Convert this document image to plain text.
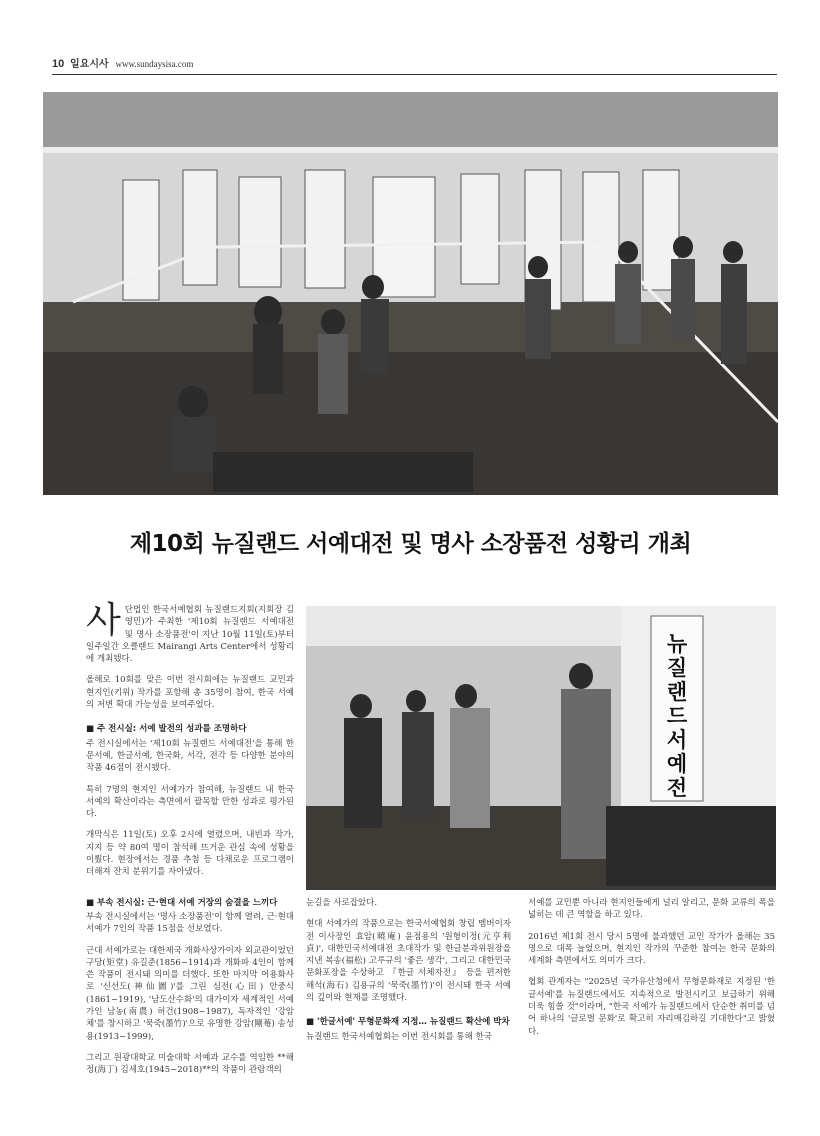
10 일요시사 www.sundaysisa.com
제10회 뉴질랜드 서예대전 및 명사 소장품전 성황리 개최
뉴질랜드서예전

사단법인 한국서예협회 뉴질랜드지회(지회장 김영민)가 주최한 '제10회 뉴질랜드 서예대전 및 명사 소장품전'이 지난 10월 11일(토)부터 일주일간 오클랜드 Mairangi Arts Center에서 성황리에 개최됐다.

올해로 10회를 맞은 이번 전시회에는 뉴질랜드 교민과 현지인(키위) 작가를 포함해 총 35명이 참여, 한국 서예의 저변 확대 가능성을 보여주었다.

■ 주 전시실: 서예 발전의 성과를 조명하다

주 전시실에서는 '제10회 뉴질랜드 서예대전'을 통해 한문서예, 한글서예, 한국화, 서각, 전각 등 다양한 분야의 작품 46점이 전시됐다.

특히 7명의 현지인 서예가가 참여해, 뉴질랜드 내 한국 서예의 확산이라는 측면에서 괄목할 만한 성과로 평가된다.

개막식은 11일(토) 오후 2시에 열렸으며, 내빈과 작가, 지지 등 약 80여 명이 참석해 뜨거운 관심 속에 성황을 이뤘다. 현장에서는 경품 추첨 등 다채로운 프로그램이 더해져 잔치 분위기를 자아냈다.

■ 부속 전시실: 근·현대 서예 거장의 숨결을 느끼다

부속 전시실에서는 '명사 소장품전'이 함께 열려, 근·현대 서예가 7인의 작품 15점을 선보였다.

근대 서예가로는 대한제국 개화사상가이자 외교관이었던 구당(矩堂) 유길준(1856~1914)과 개화파 4인이 함께 쓴 작품이 전시돼 의미를 더했다. 또한 마지막 어용화사로 '신선도(神仙圖)'를 그린 심전(心田) 안중식(1861~1919), '남도산수화'의 대가이자 세계적인 서예가인 남농(南農) 허건(1908~1987), 독자적인 '강암체'를 창시하고 '묵죽(墨竹)'으로 유명한 강암(剛菴) 송성용(1913~1999),

그리고 원광대학교 미술대학 서예과 교수를 역임한 **해정(海丁) 김세호(1945~2018)**의 작품이 관람객의

눈길을 사로잡았다.

현대 서예가의 작품으로는 한국서예협회 창립 멤버이자 전 이사장인 효암(曉庵) 윤점용의 '원형이정(元亨利貞)', 대한민국서예대전 초대작가 및 한글분과위원장을 지낸 복송(福松) 고루규의 '좋은 생각', 그리고 대한민국 문화포장을 수상하고 『한글 서체자전』 등을 편저한 해석(海石) 김용규의 '묵죽(墨竹)'이 전시돼 한국 서예의 깊이와 현재를 조명했다.

■ '한글서예' 무형문화재 지정… 뉴질랜드 확산에 박차

뉴질랜드 한국서예협회는 이번 전시회를 통해 한국

서예를 교민뿐 아니라 현지인들에게 널리 알리고, 문화 교류의 폭을 넓히는 데 큰 역할을 하고 있다.

2016년 제1회 전시 당시 5명에 불과했던 교민 작가가 올해는 35명으로 대폭 늘었으며, 현지인 작가의 꾸준한 참여는 한국 문화의 세계화 측면에서도 의미가 크다.

협회 관계자는 "2025년 국가유산청에서 무형문화재로 지정된 '한글서예'를 뉴질랜드에서도 지속적으로 발전시키고 보급하기 위해 더욱 힘쓸 것"이라며, "한국 서예가 뉴질랜드에서 단순한 취미를 넘어 하나의 '글로벌 문화'로 확고히 자리매김하길 기대한다"고 밝혔다.
